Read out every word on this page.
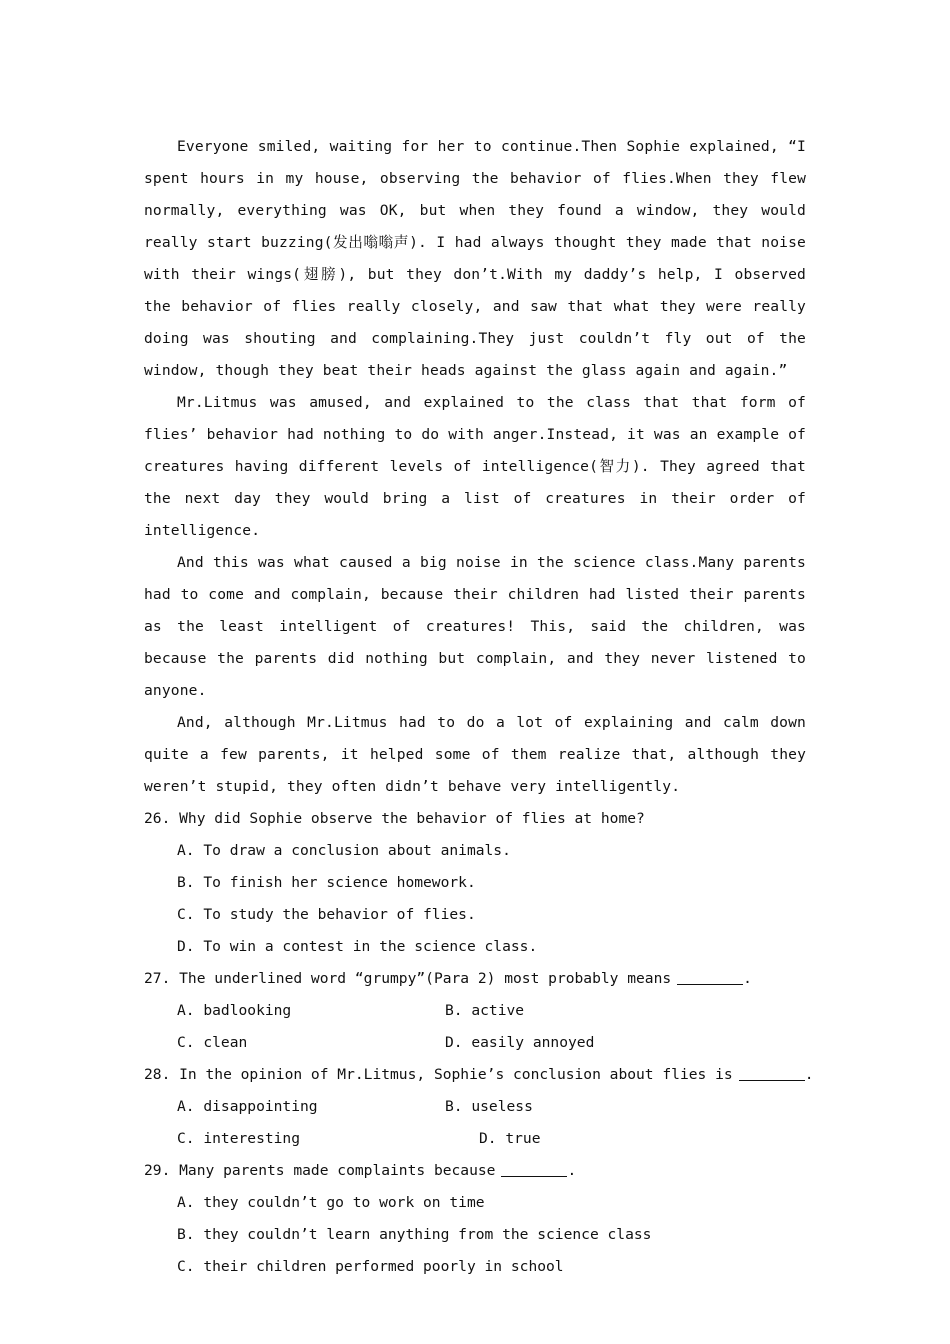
Everyone smiled, waiting for her to continue.Then Sophie explained, “I spent hours in my house, observing the behavior of flies.When they flew normally, everything was OK, but when they found a window, they would really start buzzing(发出嗡嗡声). I had always thought they made that noise with their wings(翅膀), but they don’t.With my daddy’s help, I observed the behavior of flies really closely, and saw that what they were really doing was shouting and complaining.They just couldn’t fly out of the window, though they beat their heads against the glass again and again.”

Mr.Litmus was amused, and explained to the class that that form of flies’ behavior had nothing to do with anger.Instead, it was an example of creatures having different levels of intelligence(智力). They agreed that the next day they would bring a list of creatures in their order of intelligence.

And this was what caused a big noise in the science class.Many parents had to come and complain, because their children had listed their parents as the least intelligent of creatures! This, said the children, was because the parents did nothing but complain, and they never listened to anyone.

And, although Mr.Litmus had to do a lot of explaining and calm down quite a few parents, it helped some of them realize that, although they weren’t stupid, they often didn’t behave very intelligently.

26. Why did Sophie observe the behavior of flies at home?

A. To draw a conclusion about animals.

B. To finish her science homework.

C. To study the behavior of flies.

D. To win a contest in the science class.

27. The underlined word “grumpy”(Para 2) most probably means	.

A. badlooking	B. active
C. clean	D. easily annoyed

28. In the opinion of Mr.Litmus, Sophie’s conclusion about flies is	.

A. disappointing	B. useless
C. interesting	D. true

29. Many parents made complaints because	.

A. they couldn’t go to work on time

B. they couldn’t learn anything from the science class

C. their children performed poorly in school
